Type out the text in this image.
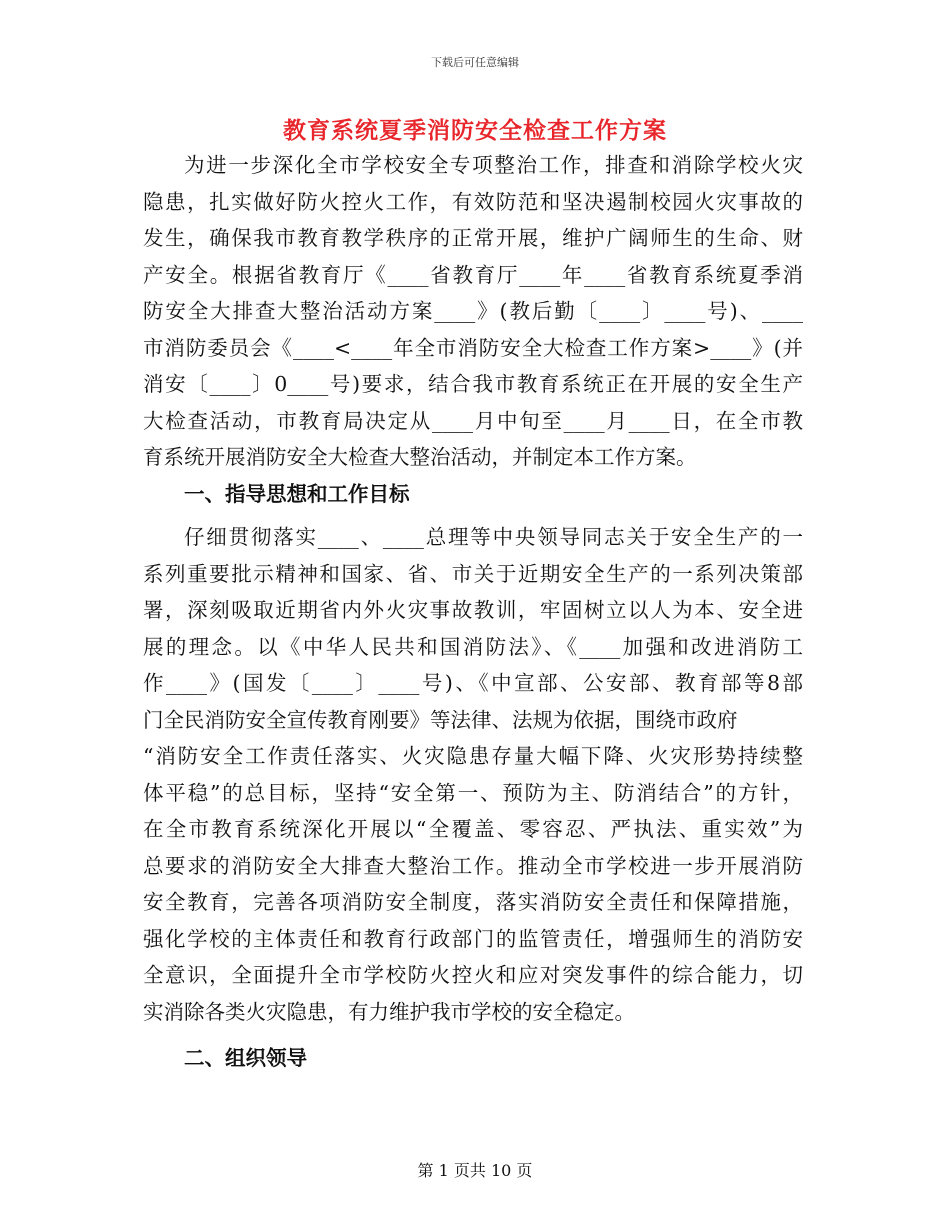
下载后可任意编辑
教育系统夏季消防安全检查工作方案
为进一步深化全市学校安全专项整治工作，排查和消除学校火灾
隐患，扎实做好防火控火工作，有效防范和坚决遏制校园火灾事故的
发生，确保我市教育教学秩序的正常开展，维护广阔师生的生命、财
产安全。根据省教育厅《____省教育厅____年____省教育系统夏季消
防安全大排查大整治活动方案____》(教后勤〔____〕____号)、____
市消防委员会《____<____年全市消防安全大检查工作方案>____》(并
消安〔____〕0____号)要求，结合我市教育系统正在开展的安全生产
大检查活动，市教育局决定从____月中旬至____月____日，在全市教
育系统开展消防安全大检查大整治活动，并制定本工作方案。
一、指导思想和工作目标
仔细贯彻落实____、____总理等中央领导同志关于安全生产的一
系列重要批示精神和国家、省、市关于近期安全生产的一系列决策部
署，深刻吸取近期省内外火灾事故教训，牢固树立以人为本、安全进
展的理念。以《中华人民共和国消防法》、《____加强和改进消防工
作____》(国发〔____〕____号)、《中宣部、公安部、教育部等8部
门全民消防安全宣传教育刚要》等法律、法规为依据，围绕市政府
“消防安全工作责任落实、火灾隐患存量大幅下降、火灾形势持续整
体平稳”的总目标，坚持“安全第一、预防为主、防消结合”的方针，
在全市教育系统深化开展以“全覆盖、零容忍、严执法、重实效”为
总要求的消防安全大排查大整治工作。推动全市学校进一步开展消防
安全教育，完善各项消防安全制度，落实消防安全责任和保障措施，
强化学校的主体责任和教育行政部门的监管责任，增强师生的消防安
全意识，全面提升全市学校防火控火和应对突发事件的综合能力，切
实消除各类火灾隐患，有力维护我市学校的安全稳定。
二、组织领导
第 1 页共 10 页
